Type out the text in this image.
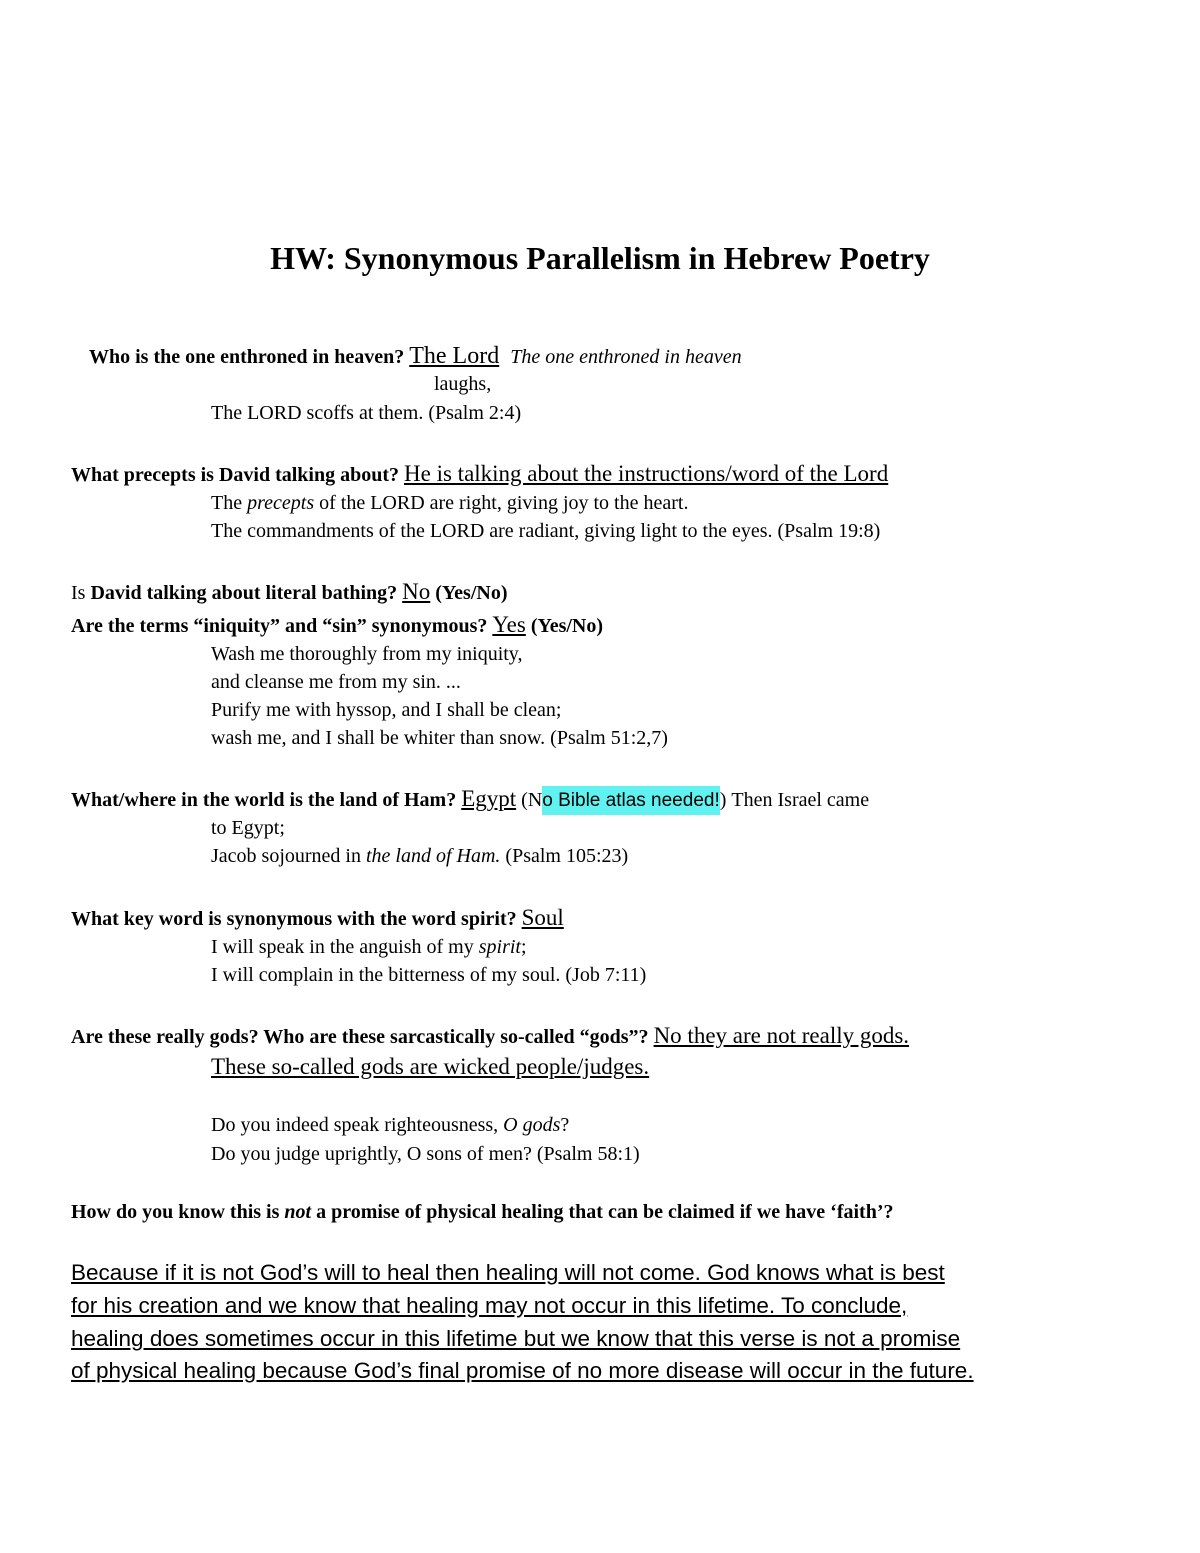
HW: Synonymous Parallelism in Hebrew Poetry
Who is the one enthroned in heaven? The Lord The one enthroned in heaven
laughs,
The LORD scoffs at them. (Psalm 2:4)
What precepts is David talking about? He is talking about the instructions/word of the Lord
The precepts of the LORD are right, giving joy to the heart.
The commandments of the LORD are radiant, giving light to the eyes. (Psalm 19:8)
Is David talking about literal bathing? No (Yes/No)
Are the terms “iniquity” and “sin” synonymous? Yes (Yes/No)
Wash me thoroughly from my iniquity,
and cleanse me from my sin. ...
Purify me with hyssop, and I shall be clean;
wash me, and I shall be whiter than snow. (Psalm 51:2,7)
What/where in the world is the land of Ham? Egypt (No Bible atlas needed!) Then Israel came
to Egypt;
Jacob sojourned in the land of Ham. (Psalm 105:23)
What key word is synonymous with the word spirit? Soul
I will speak in the anguish of my spirit;
I will complain in the bitterness of my soul. (Job 7:11)
Are these really gods? Who are these sarcastically so-called “gods”? No they are not really gods.
These so-called gods are wicked people/judges.
Do you indeed speak righteousness, O gods?
Do you judge uprightly, O sons of men? (Psalm 58:1)
How do you know this is not a promise of physical healing that can be claimed if we have ‘faith’?
Because if it is not God’s will to heal then healing will not come. God knows what is best
for his creation and we know that healing may not occur in this lifetime. To conclude,
healing does sometimes occur in this lifetime but we know that this verse is not a promise
of physical healing because God’s final promise of no more disease will occur in the future.
